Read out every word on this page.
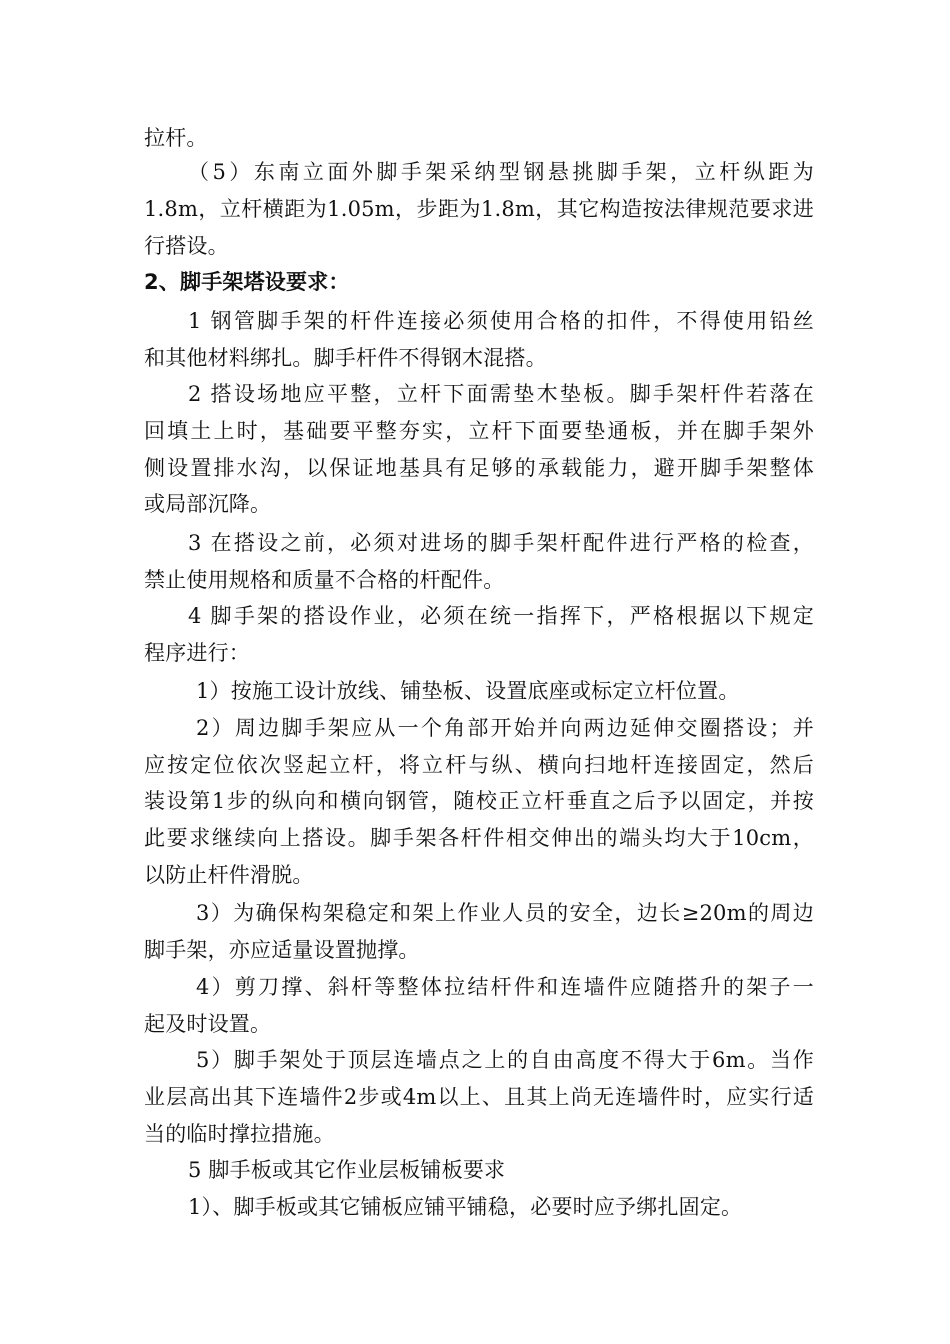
拉杆。
（5）东南立面外脚手架采纳型钢悬挑脚手架，立杆纵距为
1.8m，立杆横距为1.05m，步距为1.8m，其它构造按法律规范要求进
行搭设。
2、脚手架塔设要求：
1 钢管脚手架的杆件连接必须使用合格的扣件，不得使用铅丝
和其他材料绑扎。脚手杆件不得钢木混搭。
2 搭设场地应平整，立杆下面需垫木垫板。脚手架杆件若落在
回填土上时，基础要平整夯实，立杆下面要垫通板，并在脚手架外
侧设置排水沟，以保证地基具有足够的承载能力，避开脚手架整体
或局部沉降。
3 在搭设之前，必须对进场的脚手架杆配件进行严格的检查，
禁止使用规格和质量不合格的杆配件。
4 脚手架的搭设作业，必须在统一指挥下，严格根据以下规定
程序进行：
1）按施工设计放线、铺垫板、设置底座或标定立杆位置。
2）周边脚手架应从一个角部开始并向两边延伸交圈搭设；并
应按定位依次竖起立杆，将立杆与纵、横向扫地杆连接固定，然后
装设第1步的纵向和横向钢管，随校正立杆垂直之后予以固定，并按
此要求继续向上搭设。脚手架各杆件相交伸出的端头均大于10cm，
以防止杆件滑脱。
3）为确保构架稳定和架上作业人员的安全，边长≥20m的周边
脚手架，亦应适量设置抛撑。
4）剪刀撑、斜杆等整体拉结杆件和连墙件应随搭升的架子一
起及时设置。
5）脚手架处于顶层连墙点之上的自由高度不得大于6m。当作
业层高出其下连墙件2步或4m以上、且其上尚无连墙件时，应实行适
当的临时撑拉措施。
5 脚手板或其它作业层板铺板要求
1）、脚手板或其它铺板应铺平铺稳，必要时应予绑扎固定。
